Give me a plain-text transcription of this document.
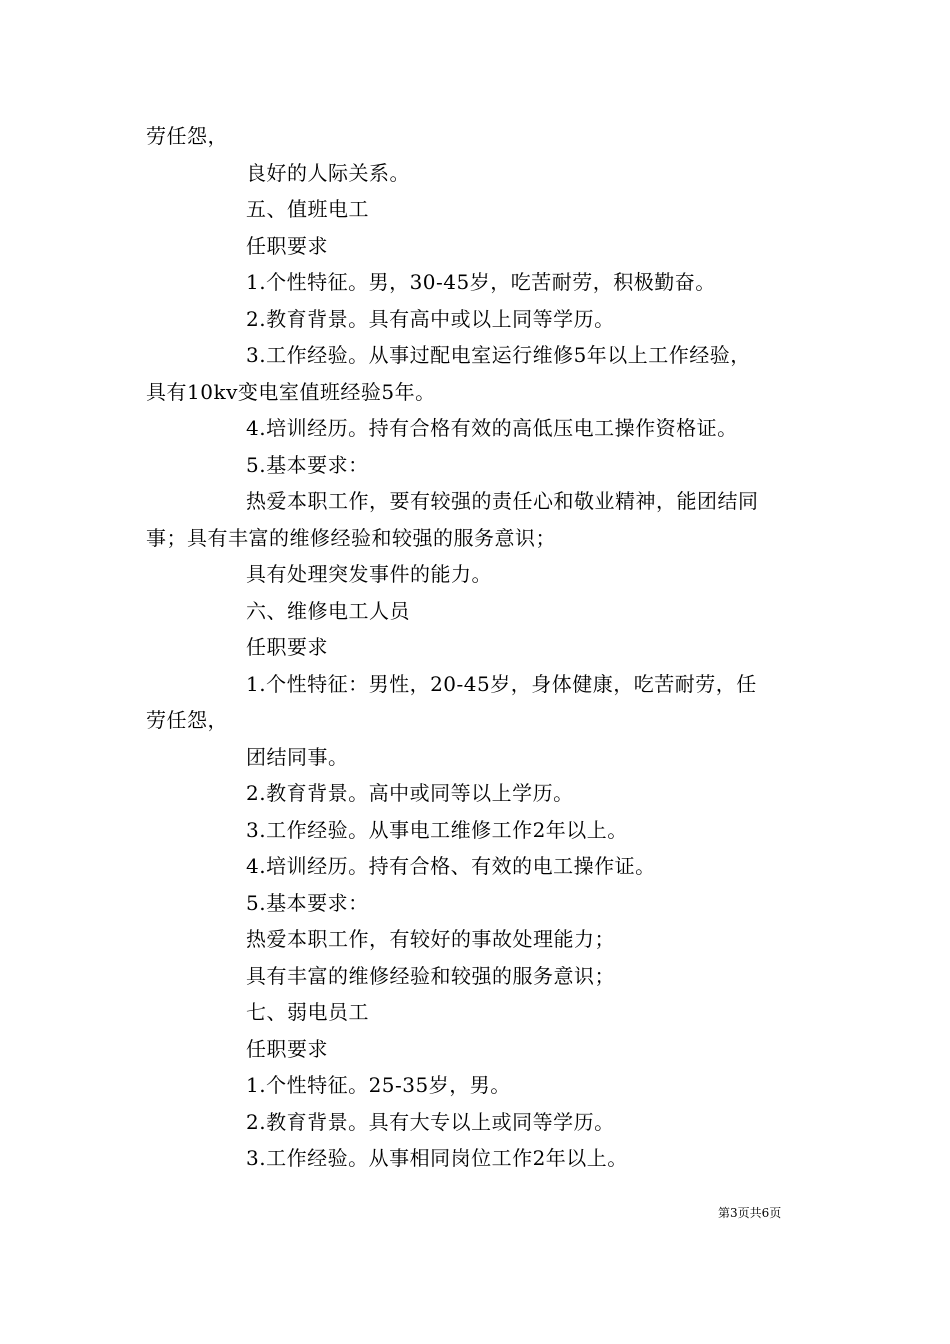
劳任怨，
良好的人际关系。
五、值班电工
任职要求
1.个性特征。男，30-45岁，吃苦耐劳，积极勤奋。
2.教育背景。具有高中或以上同等学历。
3.工作经验。从事过配电室运行维修5年以上工作经验，
具有10kv变电室值班经验5年。
4.培训经历。持有合格有效的高低压电工操作资格证。
5.基本要求：
热爱本职工作，要有较强的责任心和敬业精神，能团结同
事；具有丰富的维修经验和较强的服务意识；
具有处理突发事件的能力。
六、维修电工人员
任职要求
1.个性特征：男性，20-45岁，身体健康，吃苦耐劳，任
劳任怨，
团结同事。
2.教育背景。高中或同等以上学历。
3.工作经验。从事电工维修工作2年以上。
4.培训经历。持有合格、有效的电工操作证。
5.基本要求：
热爱本职工作，有较好的事故处理能力；
具有丰富的维修经验和较强的服务意识；
七、弱电员工
任职要求
1.个性特征。25-35岁，男。
2.教育背景。具有大专以上或同等学历。
3.工作经验。从事相同岗位工作2年以上。
第3页共6页
